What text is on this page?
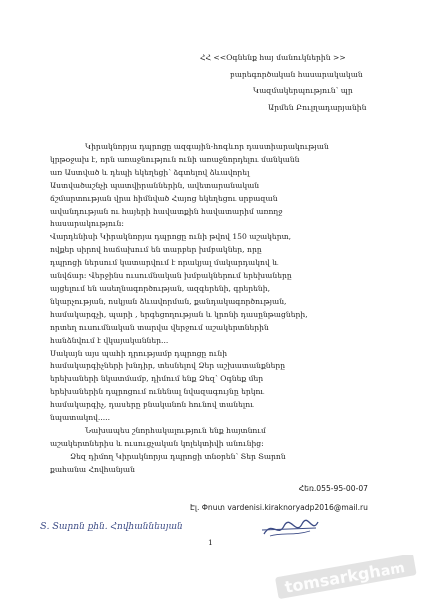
ՀՀ <<Օգնենք հայ մանուկներին >>
բարեգործական հասարակական
Կազմակերպություն՝ պր
Արմեն Բուլղադարյանին
Կիրակնորյա դպրոցը ազգային-հոգևոր դաստիարակության
կրթօջախ է, որն առաջնություն ունի առաջնորդելու մանկանն
առ Աստված և դեպի եկեղեցի՝ ձգտելով ձևավորել
Աստվածաշնչի պատվիրաններին, ավետարանական
ճշմարտության վրա հիմնված Հայոց եկեղեցու սրբազան
ավանդության ու հայերի հավատքին հավատարիմ առողջ
հասարակություն:
Վարդենիսի Կիրակնորյա դպրոցը ունի թվով 150 աշակերտ,
ովքեր սիրով հաճախում են տարբեր խմբակներ, որը
դպրոցի ներսում կատարվում է որակյալ մակարդակով և
անվճար: Վերջինս ուսումնական խմբակներում երեխաները
այցելում են ասեղնագործության, ազգերենի, գրերենի,
նկարչության, ոսկյան ձևավորման, քանդակագործության,
համակարգչի, պարի , երգեցողության և կրոնի դասընթացների,
որտեղ ուսումնական տարվա վերջում աշակերտներին
հանձնվում է վկայականներ...
Սակայն այս պահի դրությամբ դպրոցը ունի
համակարգիչների խնդիր, տեսնելով Ձեր աշխատանքները
երեխաների նկատմամբ, դիմում ենք Ձեզ՝ Օգնեք մեր
երեխաներին դպրոցում ունենալ նվազագույնը երկու
համակարգիչ, դասերը բնականոն հունով տանելու
նպատակով.....
Նախապես շնորհակալություն ենք հայտնում
աշակերտներիս և ուսուցչական կոլեկտիվի անունից:
Ձեզ դիմող Կիրակնորյա դպրոցի տնօրեն՝ Տեր Տարոն
քահանա Հովհանյան
Հեռ.055-95-00-07
Էլ. Փոստ vardenisi.kiraknoryadp2016@mail.ru
Տ. Տարոն քհն. Հովհաննեսյան
1
tomsarkgh
.am
